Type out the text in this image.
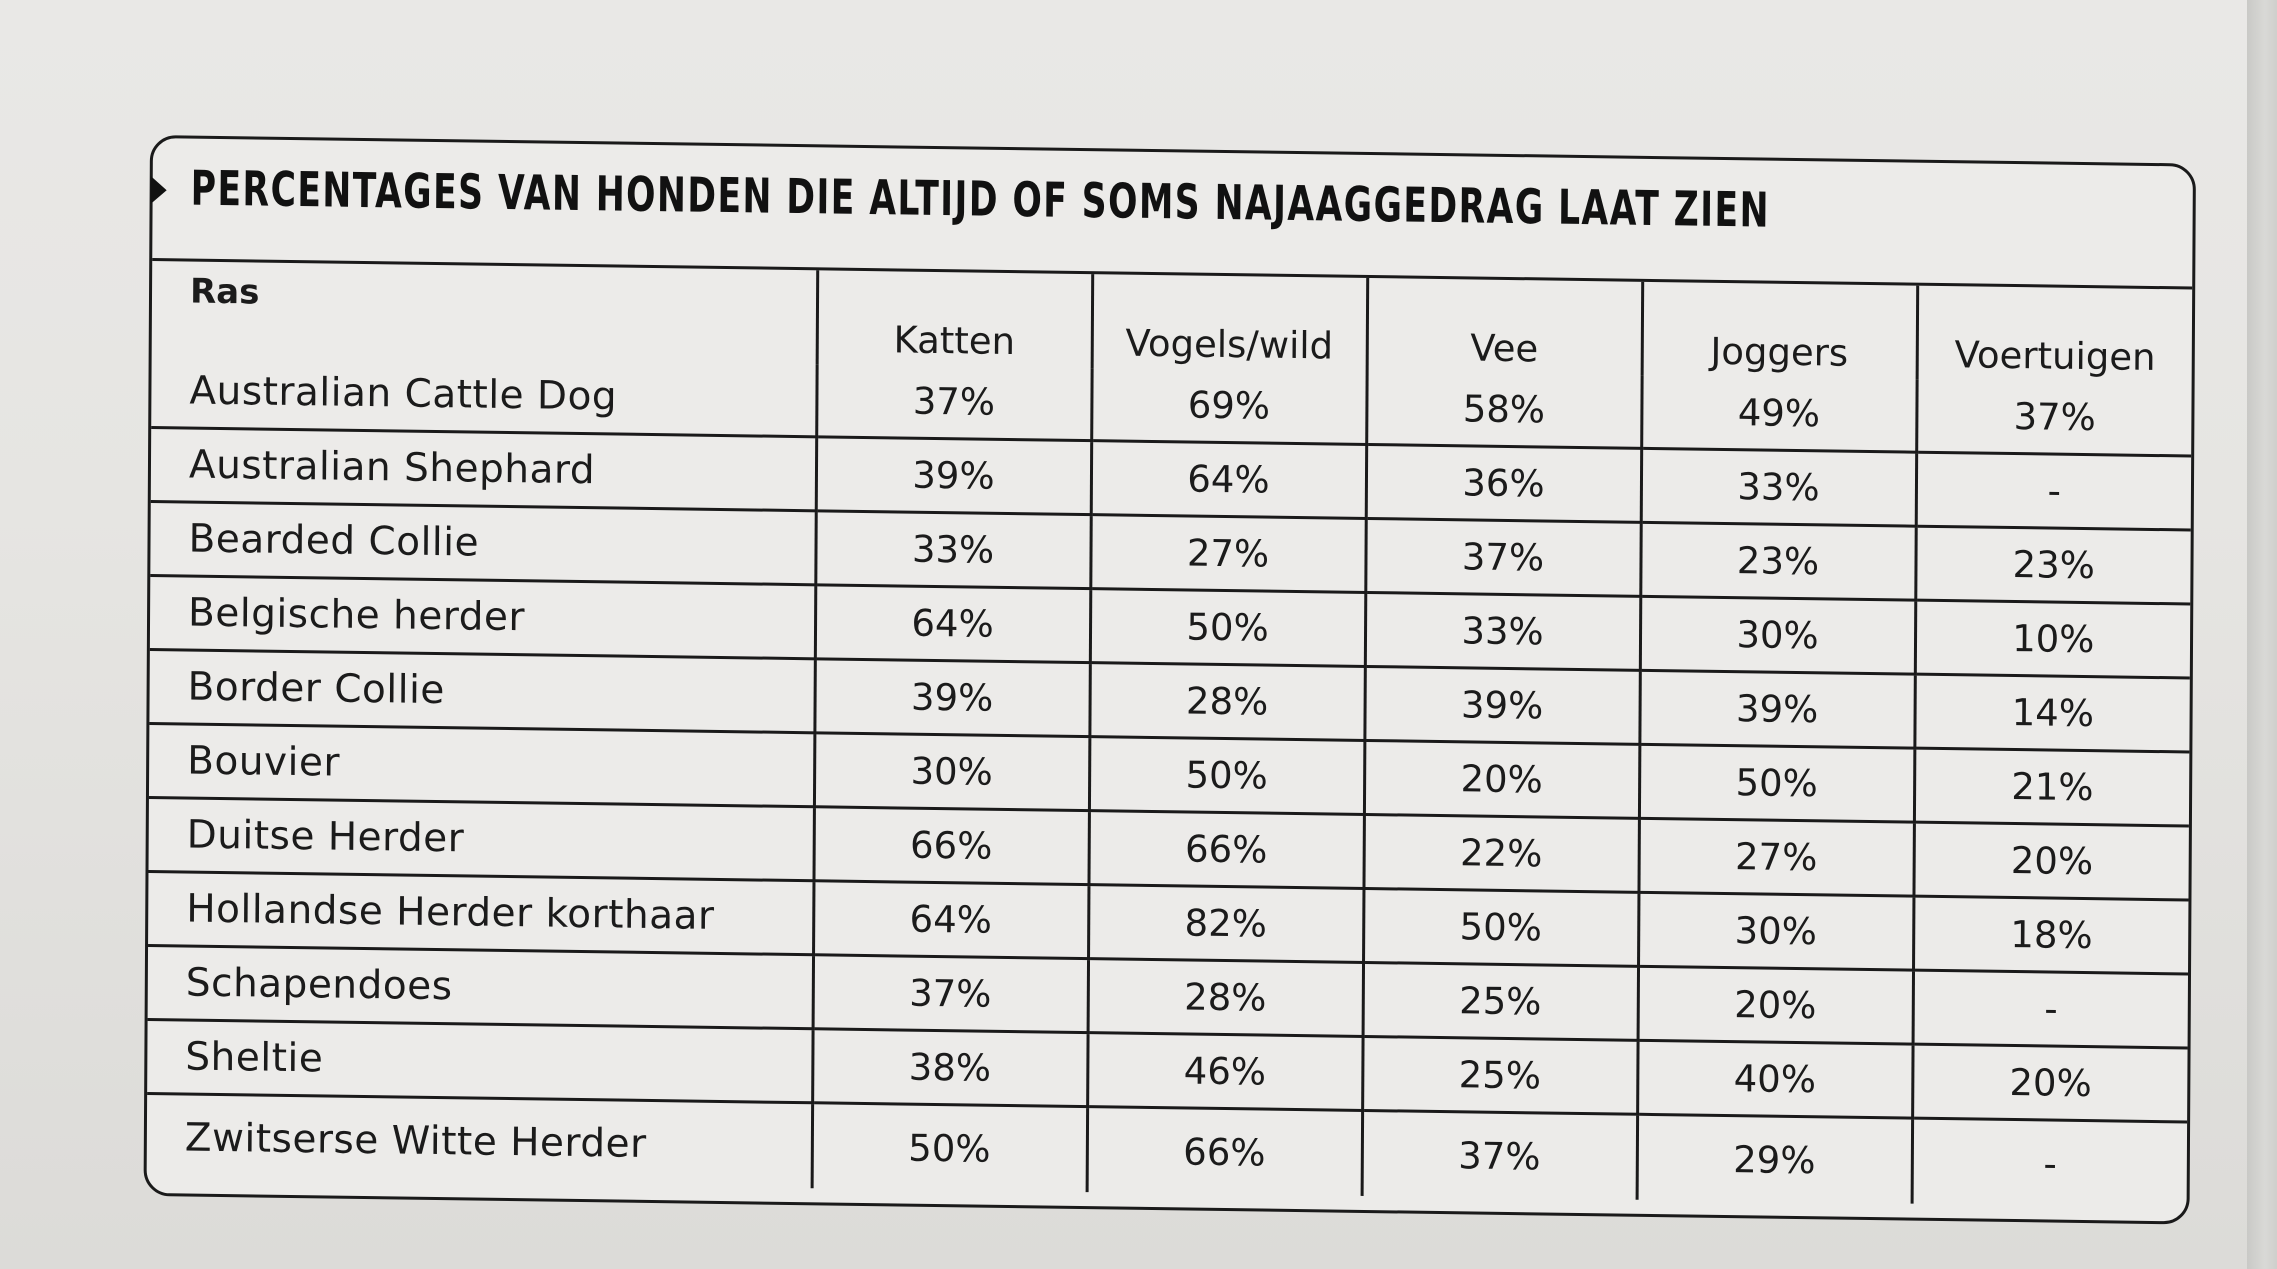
PERCENTAGES VAN HONDEN DIE ALTIJD OF SOMS NAJAAGGEDRAG LAAT ZIEN
Ras	Katten	Vogels/wild	Vee	Joggers	Voertuigen
Australian Cattle Dog	37%	69%	58%	49%	37%
Australian Shephard	39%	64%	36%	33%	-
Bearded Collie	33%	27%	37%	23%	23%
Belgische herder	64%	50%	33%	30%	10%
Border Collie	39%	28%	39%	39%	14%
Bouvier	30%	50%	20%	50%	21%
Duitse Herder	66%	66%	22%	27%	20%
Hollandse Herder korthaar	64%	82%	50%	30%	18%
Schapendoes	37%	28%	25%	20%	-
Sheltie	38%	46%	25%	40%	20%
Zwitserse Witte Herder	50%	66%	37%	29%	-
